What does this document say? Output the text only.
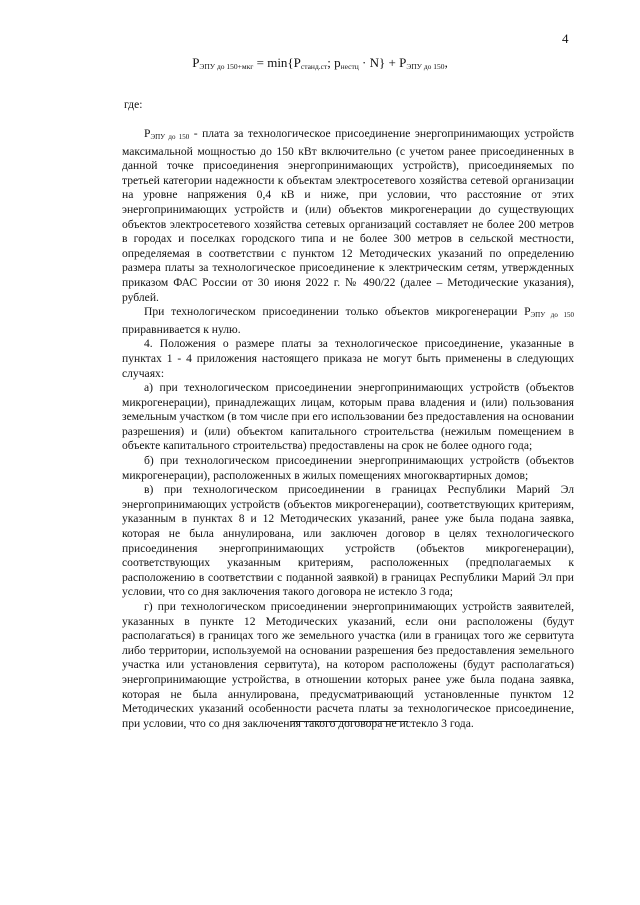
4
$P_{ЭПУ до 150+мкг} = \min\{P_{станд.ст}$; $p_{нестц} \cdot N\} + P_{ЭПУ до 150}$,
где:

$P_{ЭПУ до 150}$ - плата за технологическое присоединение энергопринимающих устройств максимальной мощностью до 150 кВт включительно (с учетом ранее присоединенных в данной точке присоединения энергопринимающих устройств), присоединяемых по третьей категории надежности к объектам электросетевого хозяйства сетевой организации на уровне напряжения 0,4 кВ и ниже, при условии, что расстояние от этих энергопринимающих устройств и (или) объектов микрогенерации до существующих объектов электросетевого хозяйства сетевых организаций составляет не более 200 метров в городах и поселках городского типа и не более 300 метров в сельской местности, определяемая в соответствии с пунктом 12 Методических указаний по определению размера платы за технологическое присоединение к электрическим сетям, утвержденных приказом ФАС России от 30 июня 2022 г. № 490/22 (далее – Методические указания), рублей.

При технологическом присоединении только объектов микрогенерации $P_{ЭПУ до 150}$ приравнивается к нулю.

4. Положения о размере платы за технологическое присоединение, указанные в пунктах 1 - 4 приложения настоящего приказа не могут быть применены в следующих случаях:

а) при технологическом присоединении энергопринимающих устройств (объектов микрогенерации), принадлежащих лицам, которым права владения и (или) пользования земельным участком (в том числе при его использовании без предоставления на основании разрешения) и (или) объектом капитального строительства (нежилым помещением в объекте капитального строительства) предоставлены на срок не более одного года;

б) при технологическом присоединении энергопринимающих устройств (объектов микрогенерации), расположенных в жилых помещениях многоквартирных домов;

в) при технологическом присоединении в границах Республики Марий Эл энергопринимающих устройств (объектов микрогенерации), соответствующих критериям, указанным в пунктах 8 и 12 Методических указаний, ранее уже была подана заявка, которая не была аннулирована, или заключен договор в целях технологического присоединения энергопринимающих устройств (объектов микрогенерации), соответствующих указанным критериям, расположенных (предполагаемых к расположению в соответствии с поданной заявкой) в границах Республики Марий Эл при условии, что со дня заключения такого договора не истекло 3 года;

г) при технологическом присоединении энергопринимающих устройств заявителей, указанных в пункте 12 Методических указаний, если они расположены (будут располагаться) в границах того же земельного участка (или в границах того же сервитута либо территории, используемой на основании разрешения без предоставления земельного участка или установления сервитута), на котором расположены (будут располагаться) энергопринимающие устройства, в отношении которых ранее уже была подана заявка, которая не была аннулирована, предусматривающий установленные пунктом 12 Методических указаний особенности расчета платы за технологическое присоединение, при условии, что со дня заключения такого договора не истекло 3 года.
